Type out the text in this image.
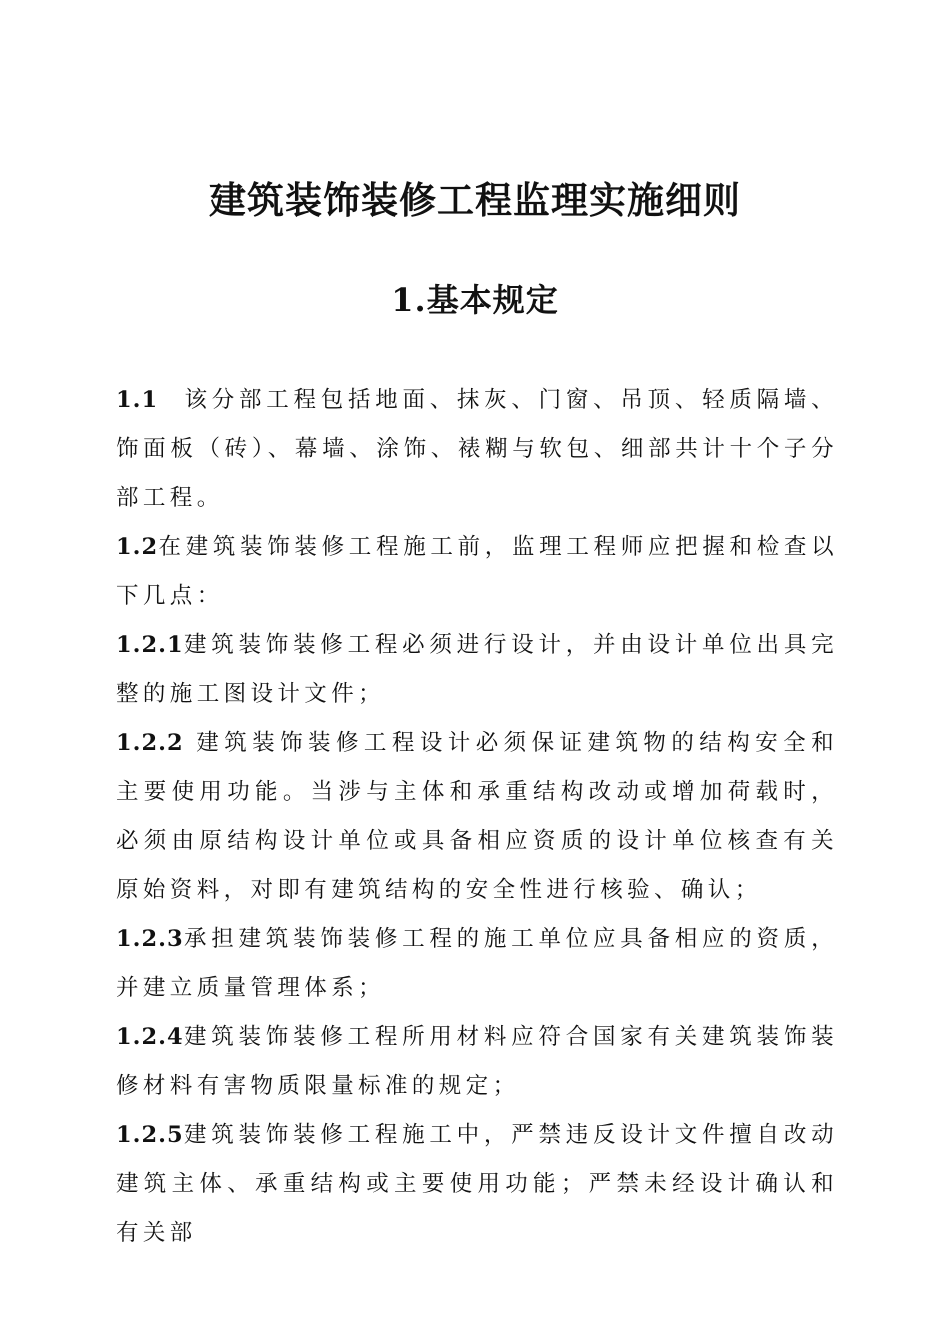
建筑装饰装修工程监理实施细则
1.基本规定

1.1 该分部工程包括地面、抹灰、门窗、吊顶、轻质隔墙、饰面板（砖）、幕墙、涂饰、裱糊与软包、细部共计十个子分部工程。

1.2在建筑装饰装修工程施工前，监理工程师应把握和检查以下几点：

1.2.1建筑装饰装修工程必须进行设计，并由设计单位出具完整的施工图设计文件；

1.2.2 建筑装饰装修工程设计必须保证建筑物的结构安全和主要使用功能。当涉与主体和承重结构改动或增加荷载时，必须由原结构设计单位或具备相应资质的设计单位核查有关原始资料，对即有建筑结构的安全性进行核验、确认；

1.2.3承担建筑装饰装修工程的施工单位应具备相应的资质，并建立质量管理体系；

1.2.4建筑装饰装修工程所用材料应符合国家有关建筑装饰装修材料有害物质限量标准的规定；

1.2.5建筑装饰装修工程施工中，严禁违反设计文件擅自改动建筑主体、承重结构或主要使用功能；严禁未经设计确认和有关部
